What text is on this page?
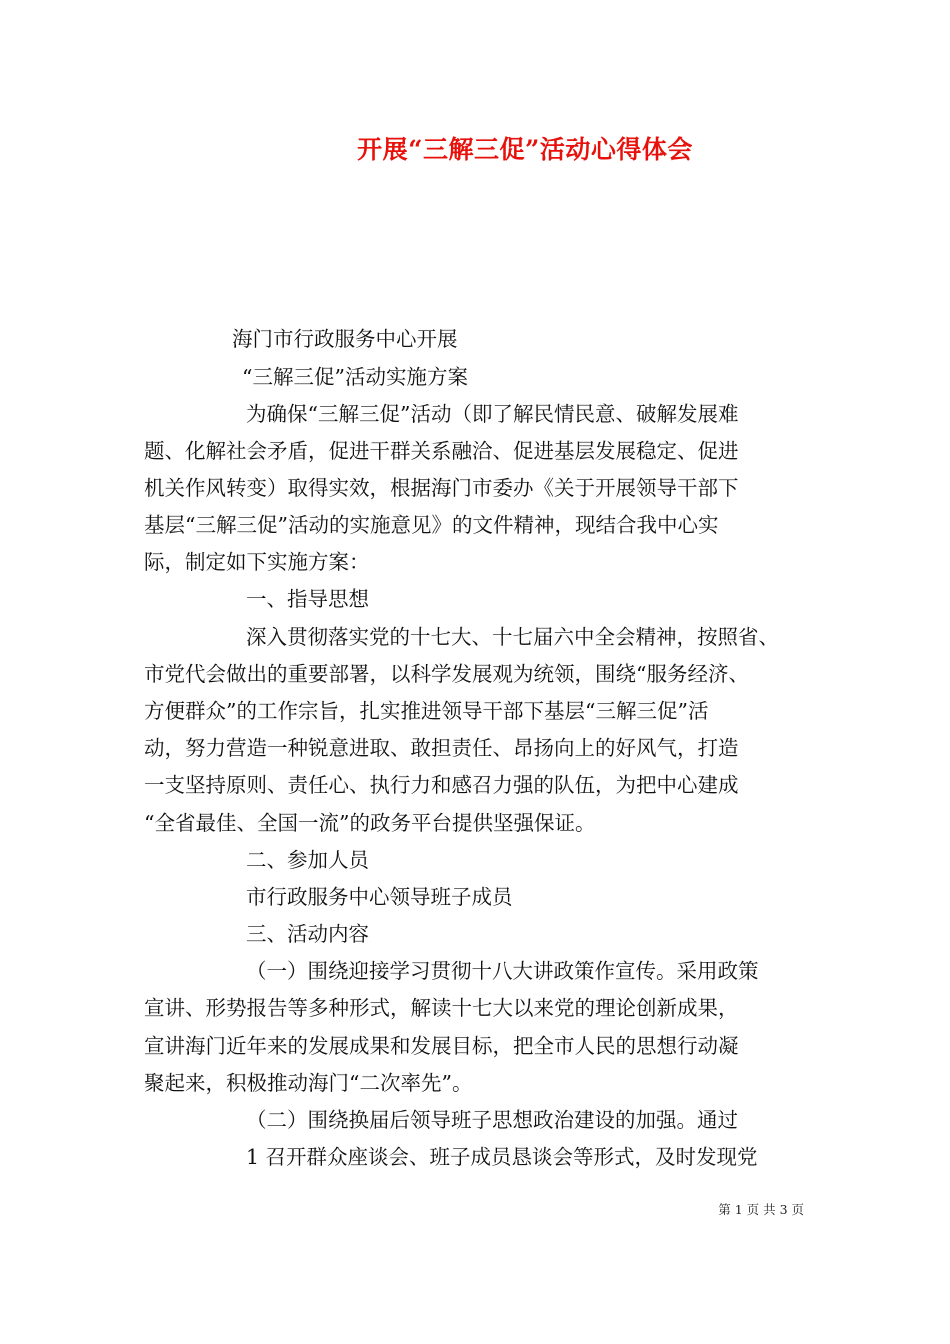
开展“三解三促”活动心得体会
海门市行政服务中心开展
“三解三促”活动实施方案
为确保“三解三促”活动（即了解民情民意、破解发展难
题、化解社会矛盾，促进干群关系融洽、促进基层发展稳定、促进
机关作风转变）取得实效，根据海门市委办《关于开展领导干部下
基层“三解三促”活动的实施意见》的文件精神，现结合我中心实
际，制定如下实施方案：
一、指导思想
深入贯彻落实党的十七大、十七届六中全会精神，按照省、
市党代会做出的重要部署，以科学发展观为统领，围绕“服务经济、
方便群众”的工作宗旨，扎实推进领导干部下基层“三解三促”活
动，努力营造一种锐意进取、敢担责任、昂扬向上的好风气，打造
一支坚持原则、责任心、执行力和感召力强的队伍，为把中心建成
“全省最佳、全国一流”的政务平台提供坚强保证。
二、参加人员
市行政服务中心领导班子成员
三、活动内容
（一）围绕迎接学习贯彻十八大讲政策作宣传。采用政策
宣讲、形势报告等多种形式，解读十七大以来党的理论创新成果，
宣讲海门近年来的发展成果和发展目标，把全市人民的思想行动凝
聚起来，积极推动海门“二次率先”。
（二）围绕换届后领导班子思想政治建设的加强。通过
1 召开群众座谈会、班子成员恳谈会等形式，及时发现党
第 1 页 共 3 页
